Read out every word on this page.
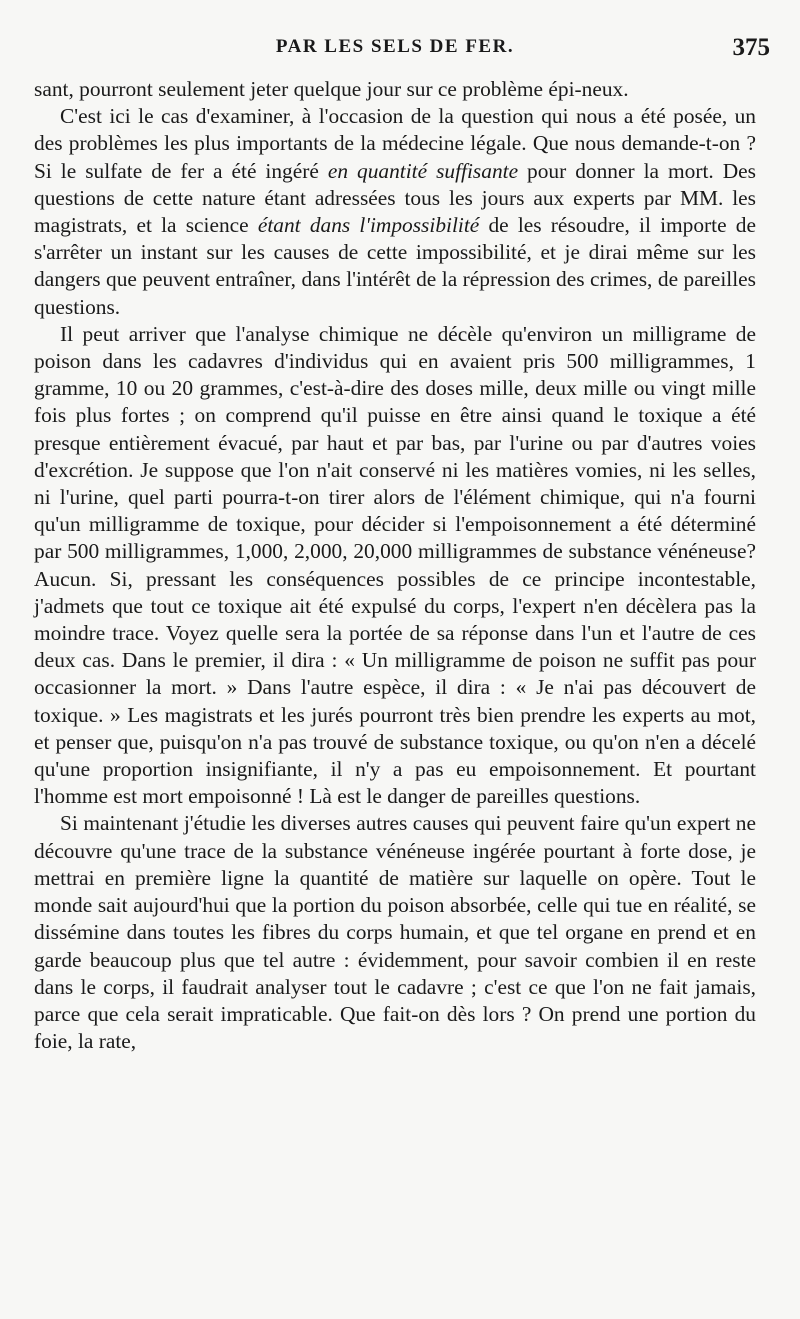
PAR LES SELS DE FER.	375

sant, pourront seulement jeter quelque jour sur ce problème épi-neux.

C'est ici le cas d'examiner, à l'occasion de la question qui nous a été posée, un des problèmes les plus importants de la médecine légale. Que nous demande-t-on ? Si le sulfate de fer a été ingéré en quantité suffisante pour donner la mort. Des questions de cette nature étant adressées tous les jours aux experts par MM. les magistrats, et la science étant dans l'impossibilité de les résoudre, il importe de s'arrêter un instant sur les causes de cette impossibilité, et je dirai même sur les dangers que peuvent entraîner, dans l'intérêt de la répression des crimes, de pareilles questions.

Il peut arriver que l'analyse chimique ne décèle qu'environ un milligrame de poison dans les cadavres d'individus qui en avaient pris 500 milligrammes, 1 gramme, 10 ou 20 grammes, c'est-à-dire des doses mille, deux mille ou vingt mille fois plus fortes ; on comprend qu'il puisse en être ainsi quand le toxique a été presque entièrement évacué, par haut et par bas, par l'urine ou par d'autres voies d'excrétion. Je suppose que l'on n'ait conservé ni les matières vomies, ni les selles, ni l'urine, quel parti pourra-t-on tirer alors de l'élément chimique, qui n'a fourni qu'un milligramme de toxique, pour décider si l'empoisonnement a été déterminé par 500 milligrammes, 1,000, 2,000, 20,000 milligrammes de substance vénéneuse? Aucun. Si, pressant les conséquences possibles de ce principe incontestable, j'admets que tout ce toxique ait été expulsé du corps, l'expert n'en décèlera pas la moindre trace. Voyez quelle sera la portée de sa réponse dans l'un et l'autre de ces deux cas. Dans le premier, il dira : « Un milligramme de poison ne suffit pas pour occasionner la mort. » Dans l'autre espèce, il dira : « Je n'ai pas découvert de toxique. » Les magistrats et les jurés pourront très bien prendre les experts au mot, et penser que, puisqu'on n'a pas trouvé de substance toxique, ou qu'on n'en a décelé qu'une proportion insignifiante, il n'y a pas eu empoisonnement. Et pourtant l'homme est mort empoisonné ! Là est le danger de pareilles questions.

Si maintenant j'étudie les diverses autres causes qui peuvent faire qu'un expert ne découvre qu'une trace de la substance vénéneuse ingérée pourtant à forte dose, je mettrai en première ligne la quantité de matière sur laquelle on opère. Tout le monde sait aujourd'hui que la portion du poison absorbée, celle qui tue en réalité, se dissémine dans toutes les fibres du corps humain, et que tel organe en prend et en garde beaucoup plus que tel autre : évidemment, pour savoir combien il en reste dans le corps, il faudrait analyser tout le cadavre ; c'est ce que l'on ne fait jamais, parce que cela serait impraticable. Que fait-on dès lors ? On prend une portion du foie, la rate,
